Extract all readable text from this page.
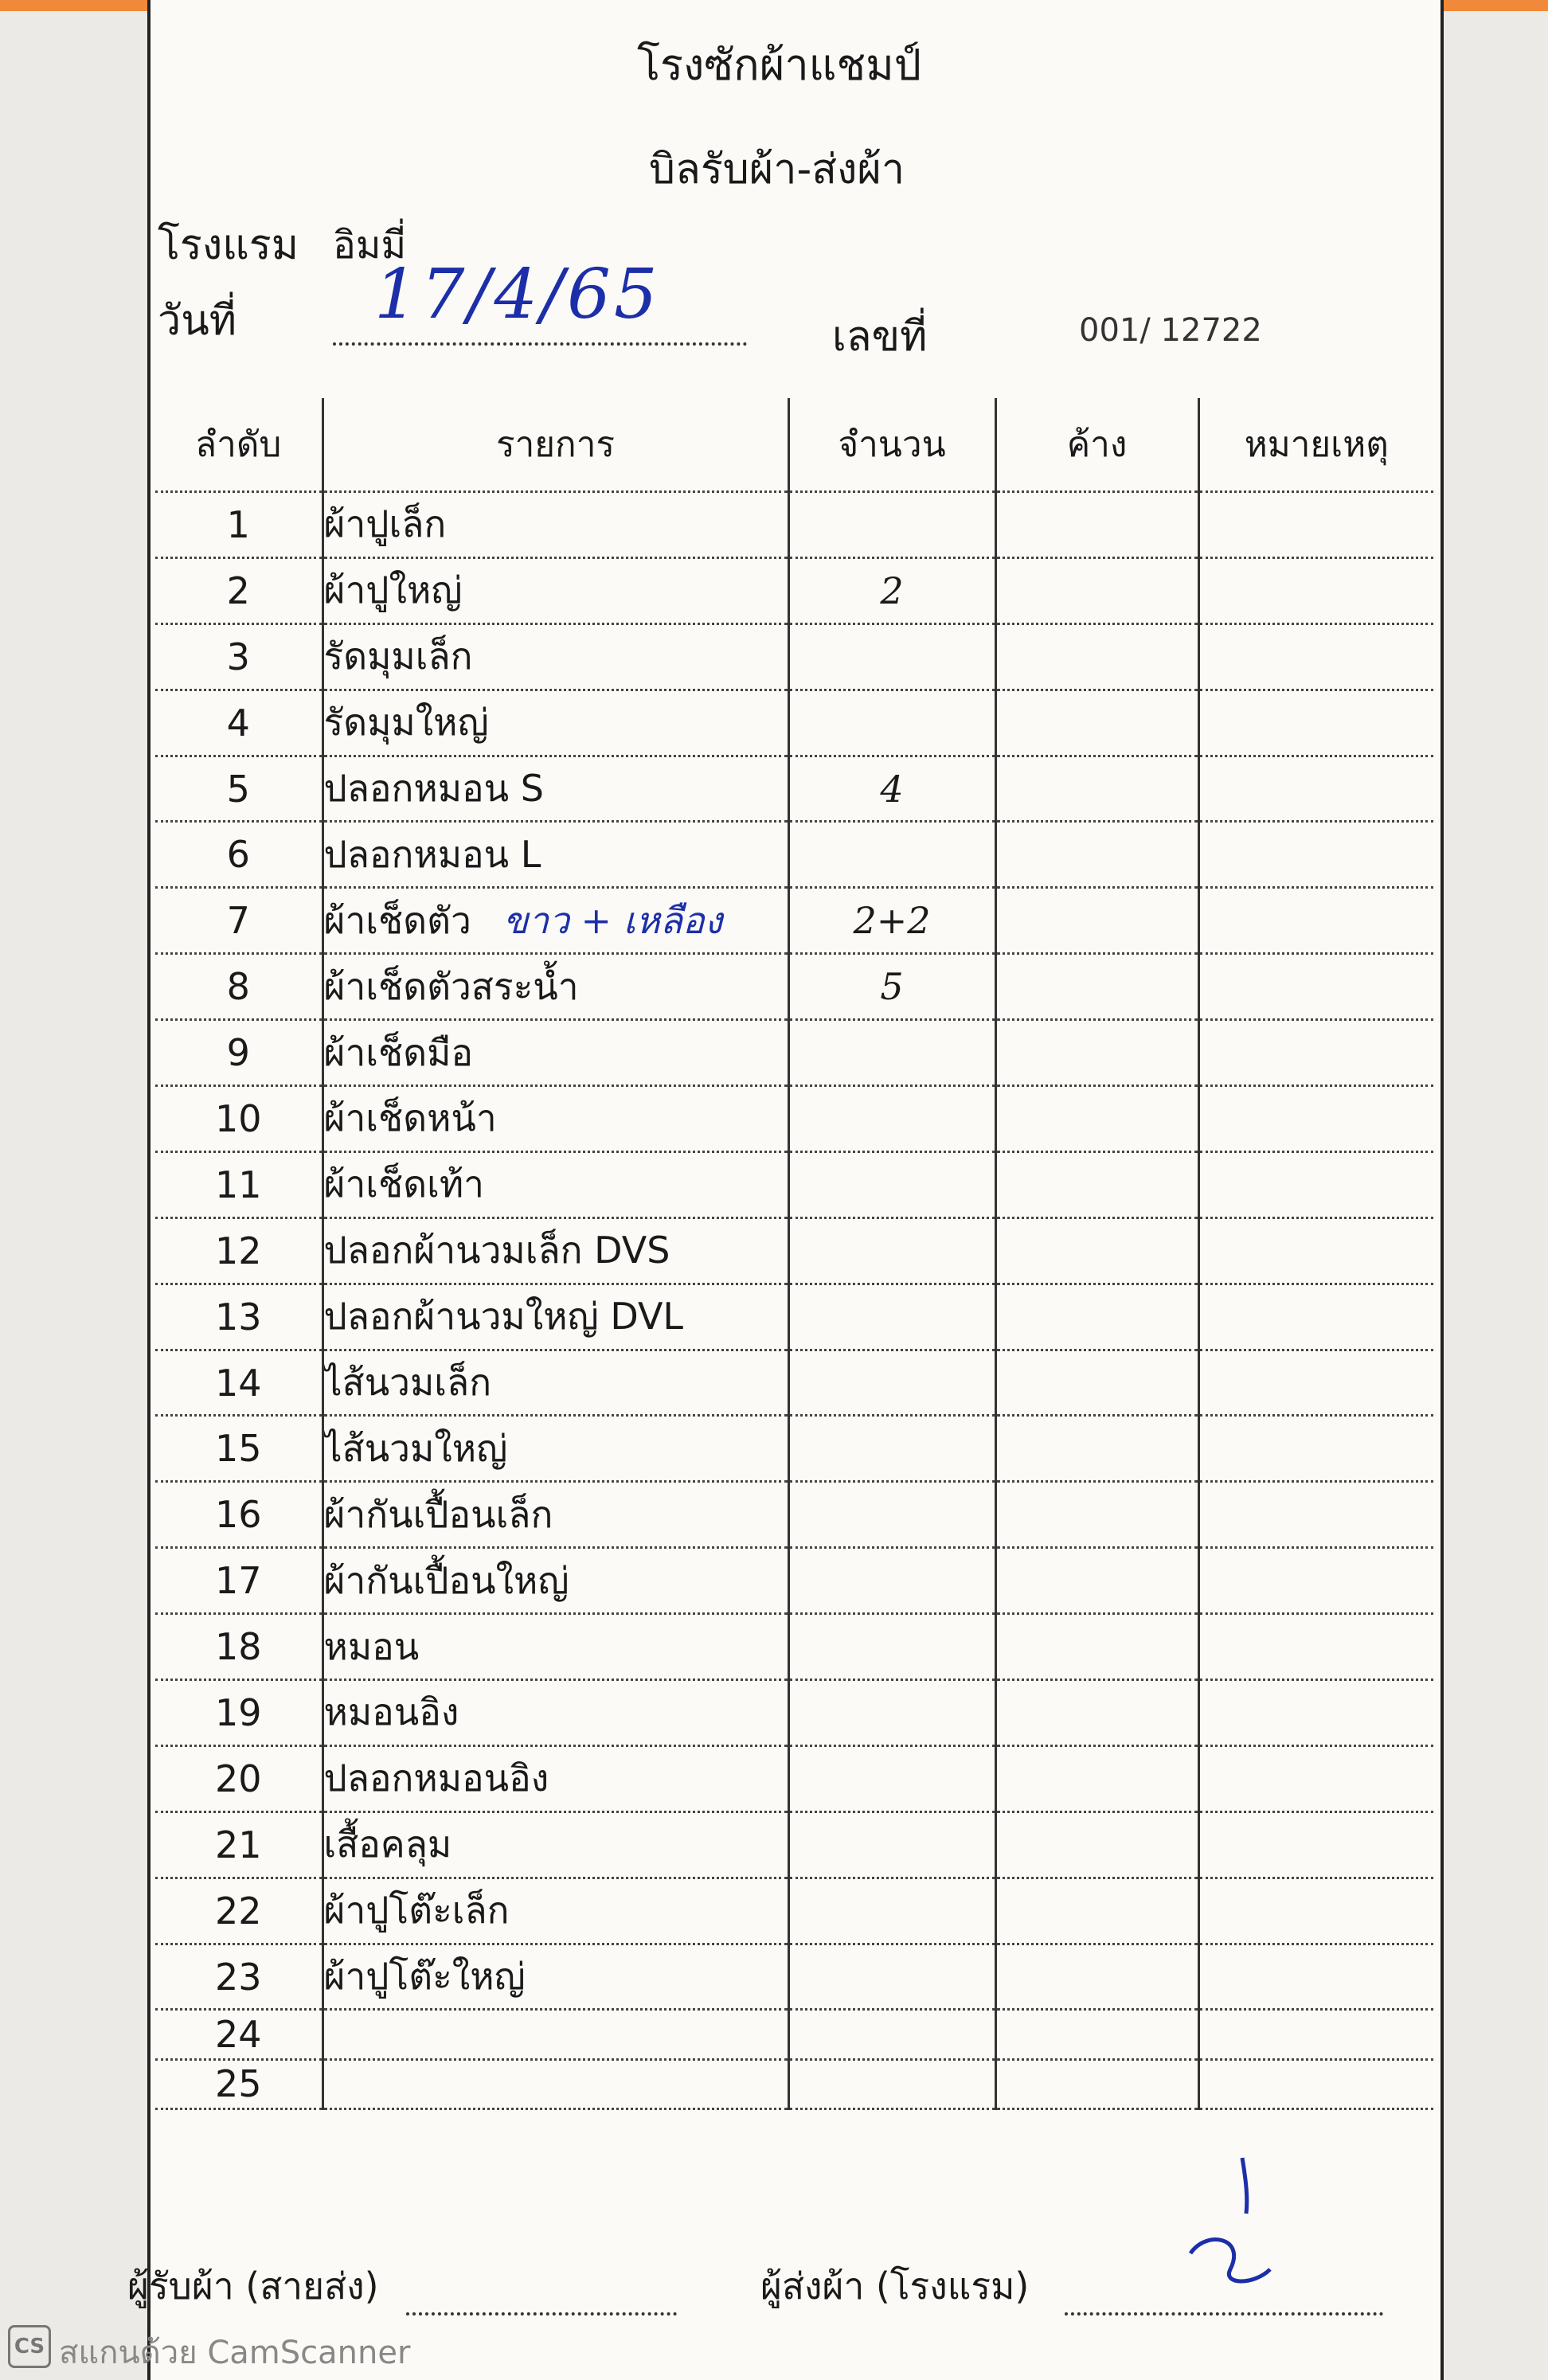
โรงซักผ้าแชมป์
บิลรับผ้า-ส่งผ้า
โรงแรม อิมมี่
วันที่ 17/4/65
เลขที่	001/ 12722
ลำดับ	รายการ	จำนวน	ค้าง	หมายเหตุ
1	ผ้าปูเล็ก			
2	ผ้าปูใหญ่	2		
3	รัดมุมเล็ก			
4	รัดมุมใหญ่			
5	ปลอกหมอน S	4		
6	ปลอกหมอน L			
7	ผ้าเช็ดตัว ขาว + เหลือง	2+2		
8	ผ้าเช็ดตัวสระน้ำ	5		
9	ผ้าเช็ดมือ			
10	ผ้าเช็ดหน้า			
11	ผ้าเช็ดเท้า			
12	ปลอกผ้านวมเล็ก DVS			
13	ปลอกผ้านวมใหญ่ DVL			
14	ไส้นวมเล็ก			
15	ไส้นวมใหญ่			
16	ผ้ากันเปื้อนเล็ก			
17	ผ้ากันเปื้อนใหญ่			
18	หมอน			
19	หมอนอิง			
20	ปลอกหมอนอิง			
21	เสื้อคลุม			
22	ผ้าปูโต๊ะเล็ก			
23	ผ้าปูโต๊ะใหญ่			
24				
25				
ผู้รับผ้า (สายส่ง)	ผู้ส่งผ้า (โรงแรม)
CS สแกนด้วย CamScanner
